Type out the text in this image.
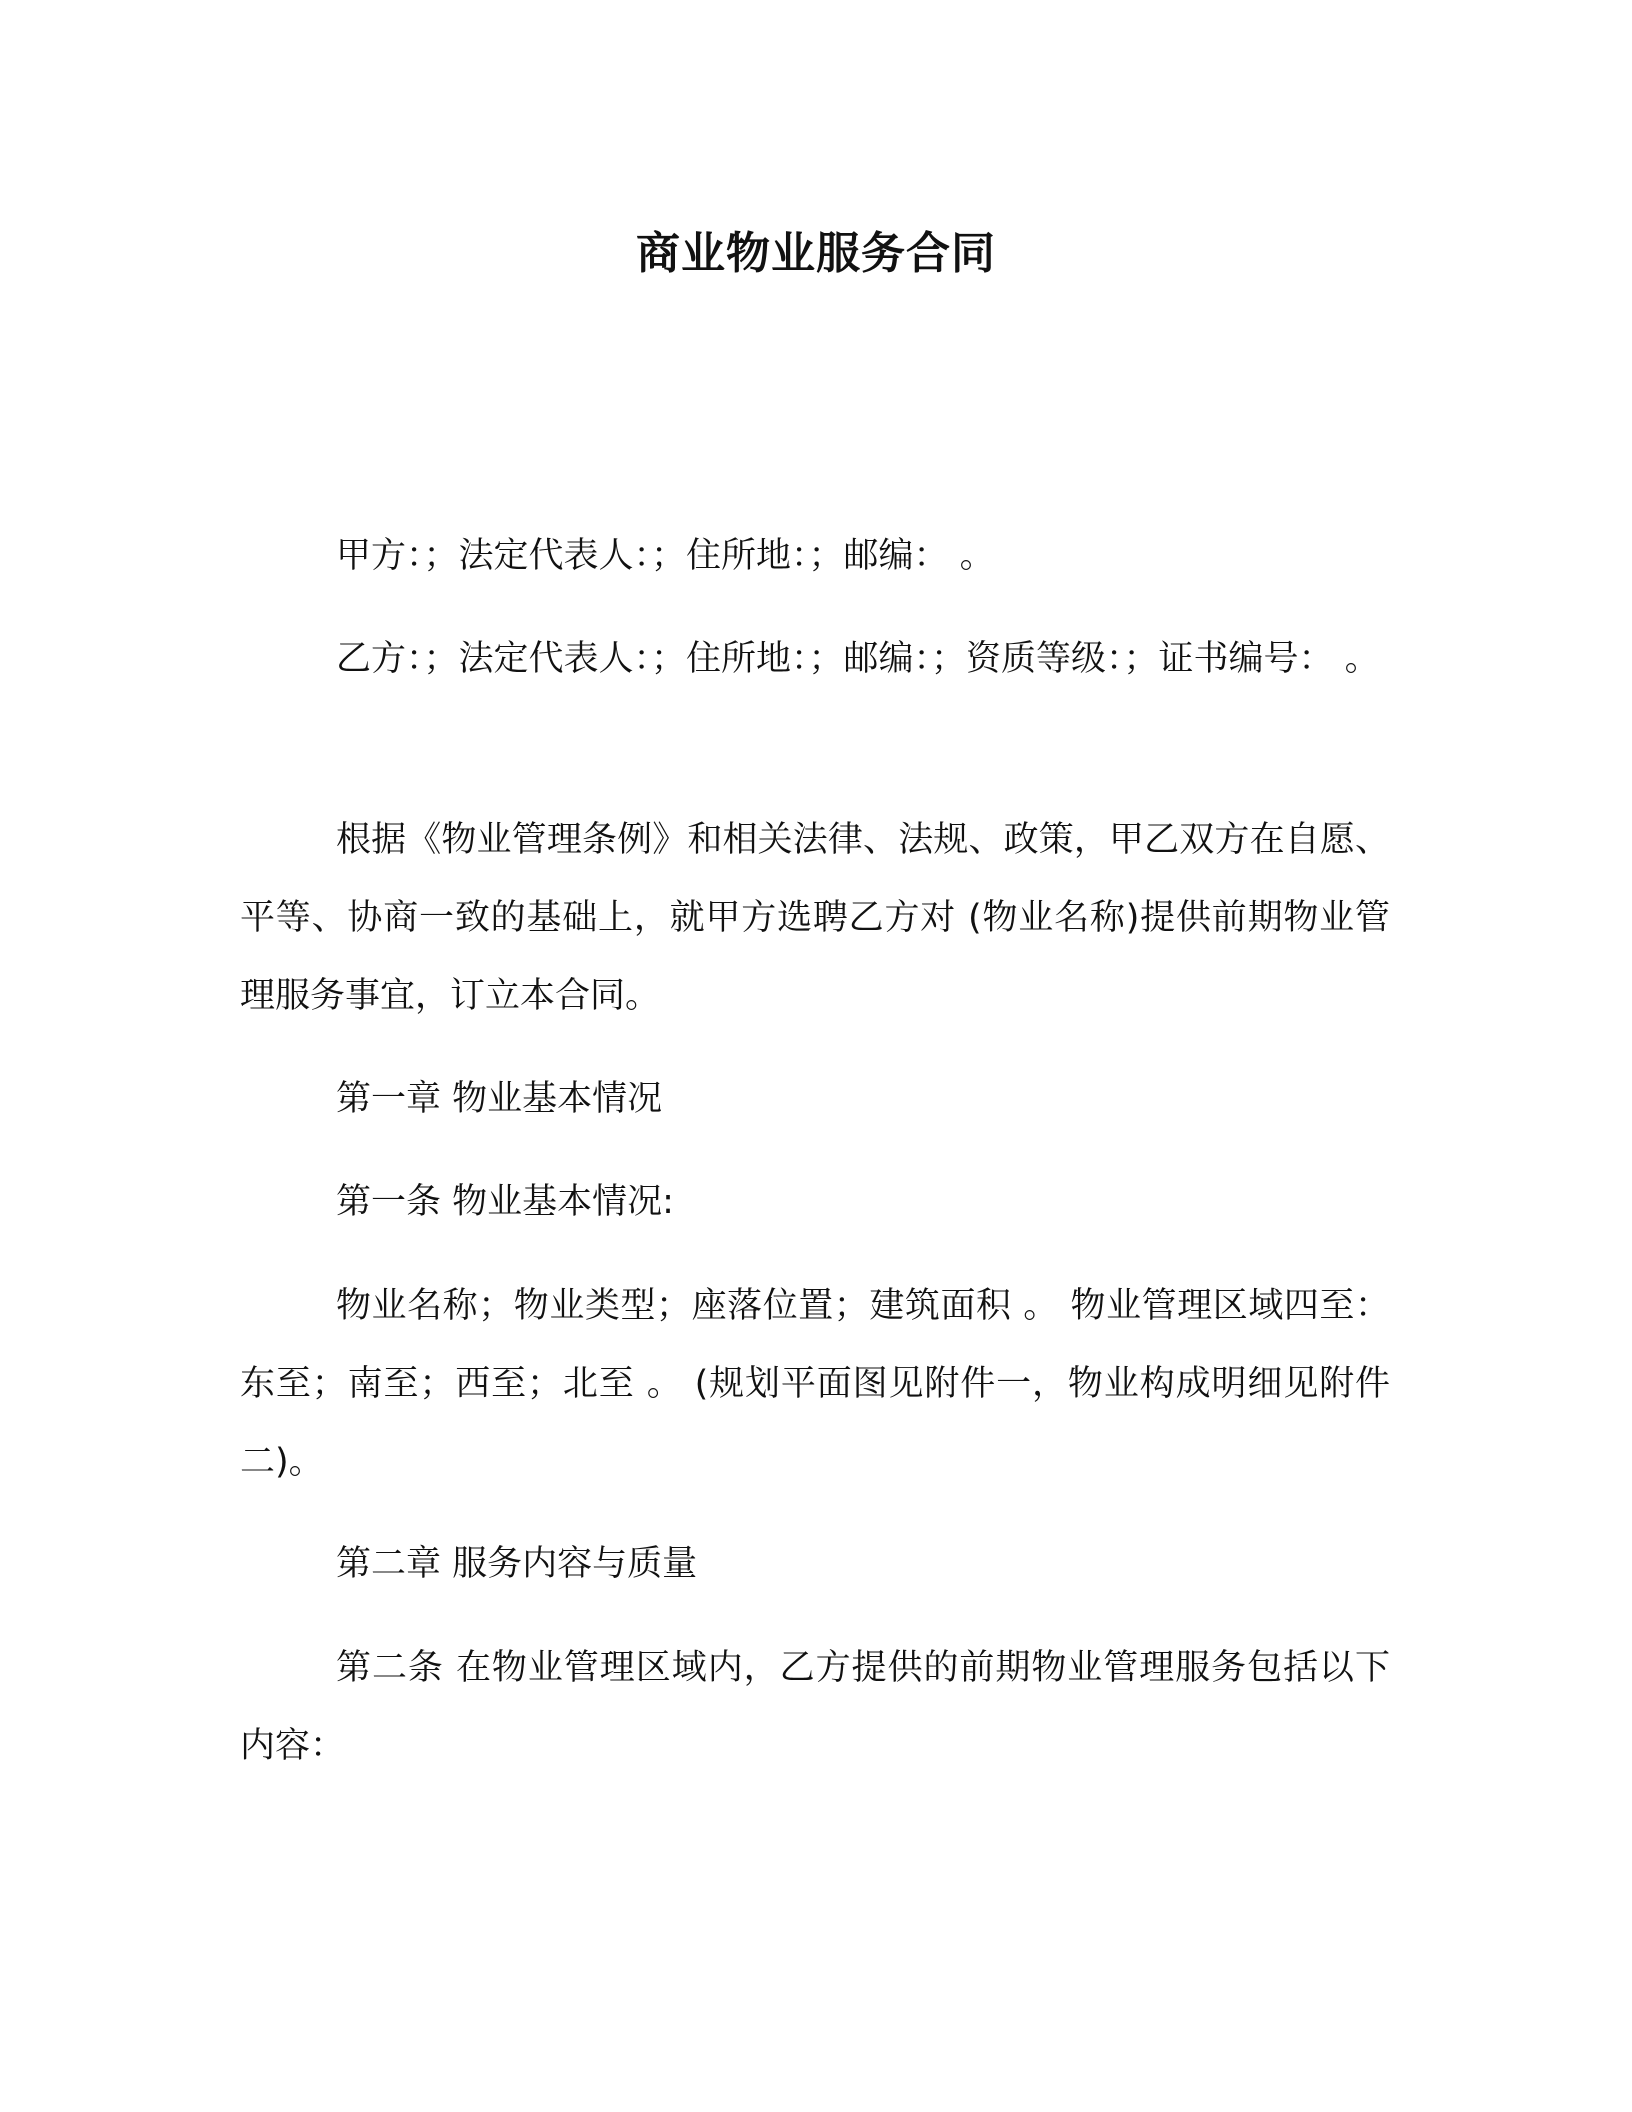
商业物业服务合同

甲方：；法定代表人：；住所地：；邮编： 。

乙方：；法定代表人：；住所地：；邮编：；资质等级：；证书编号： 。

根据《物业管理条例》和相关法律、法规、政策，甲乙双方在自愿、平等、协商一致的基础上，就甲方选聘乙方对 (物业名称)提供前期物业管理服务事宜，订立本合同。

第一章 物业基本情况

第一条 物业基本情况:

物业名称；物业类型；座落位置；建筑面积 。 物业管理区域四至：东至；南至；西至；北至 。 (规划平面图见附件一，物业构成明细见附件二)。

第二章 服务内容与质量

第二条 在物业管理区域内，乙方提供的前期物业管理服务包括以下内容：
